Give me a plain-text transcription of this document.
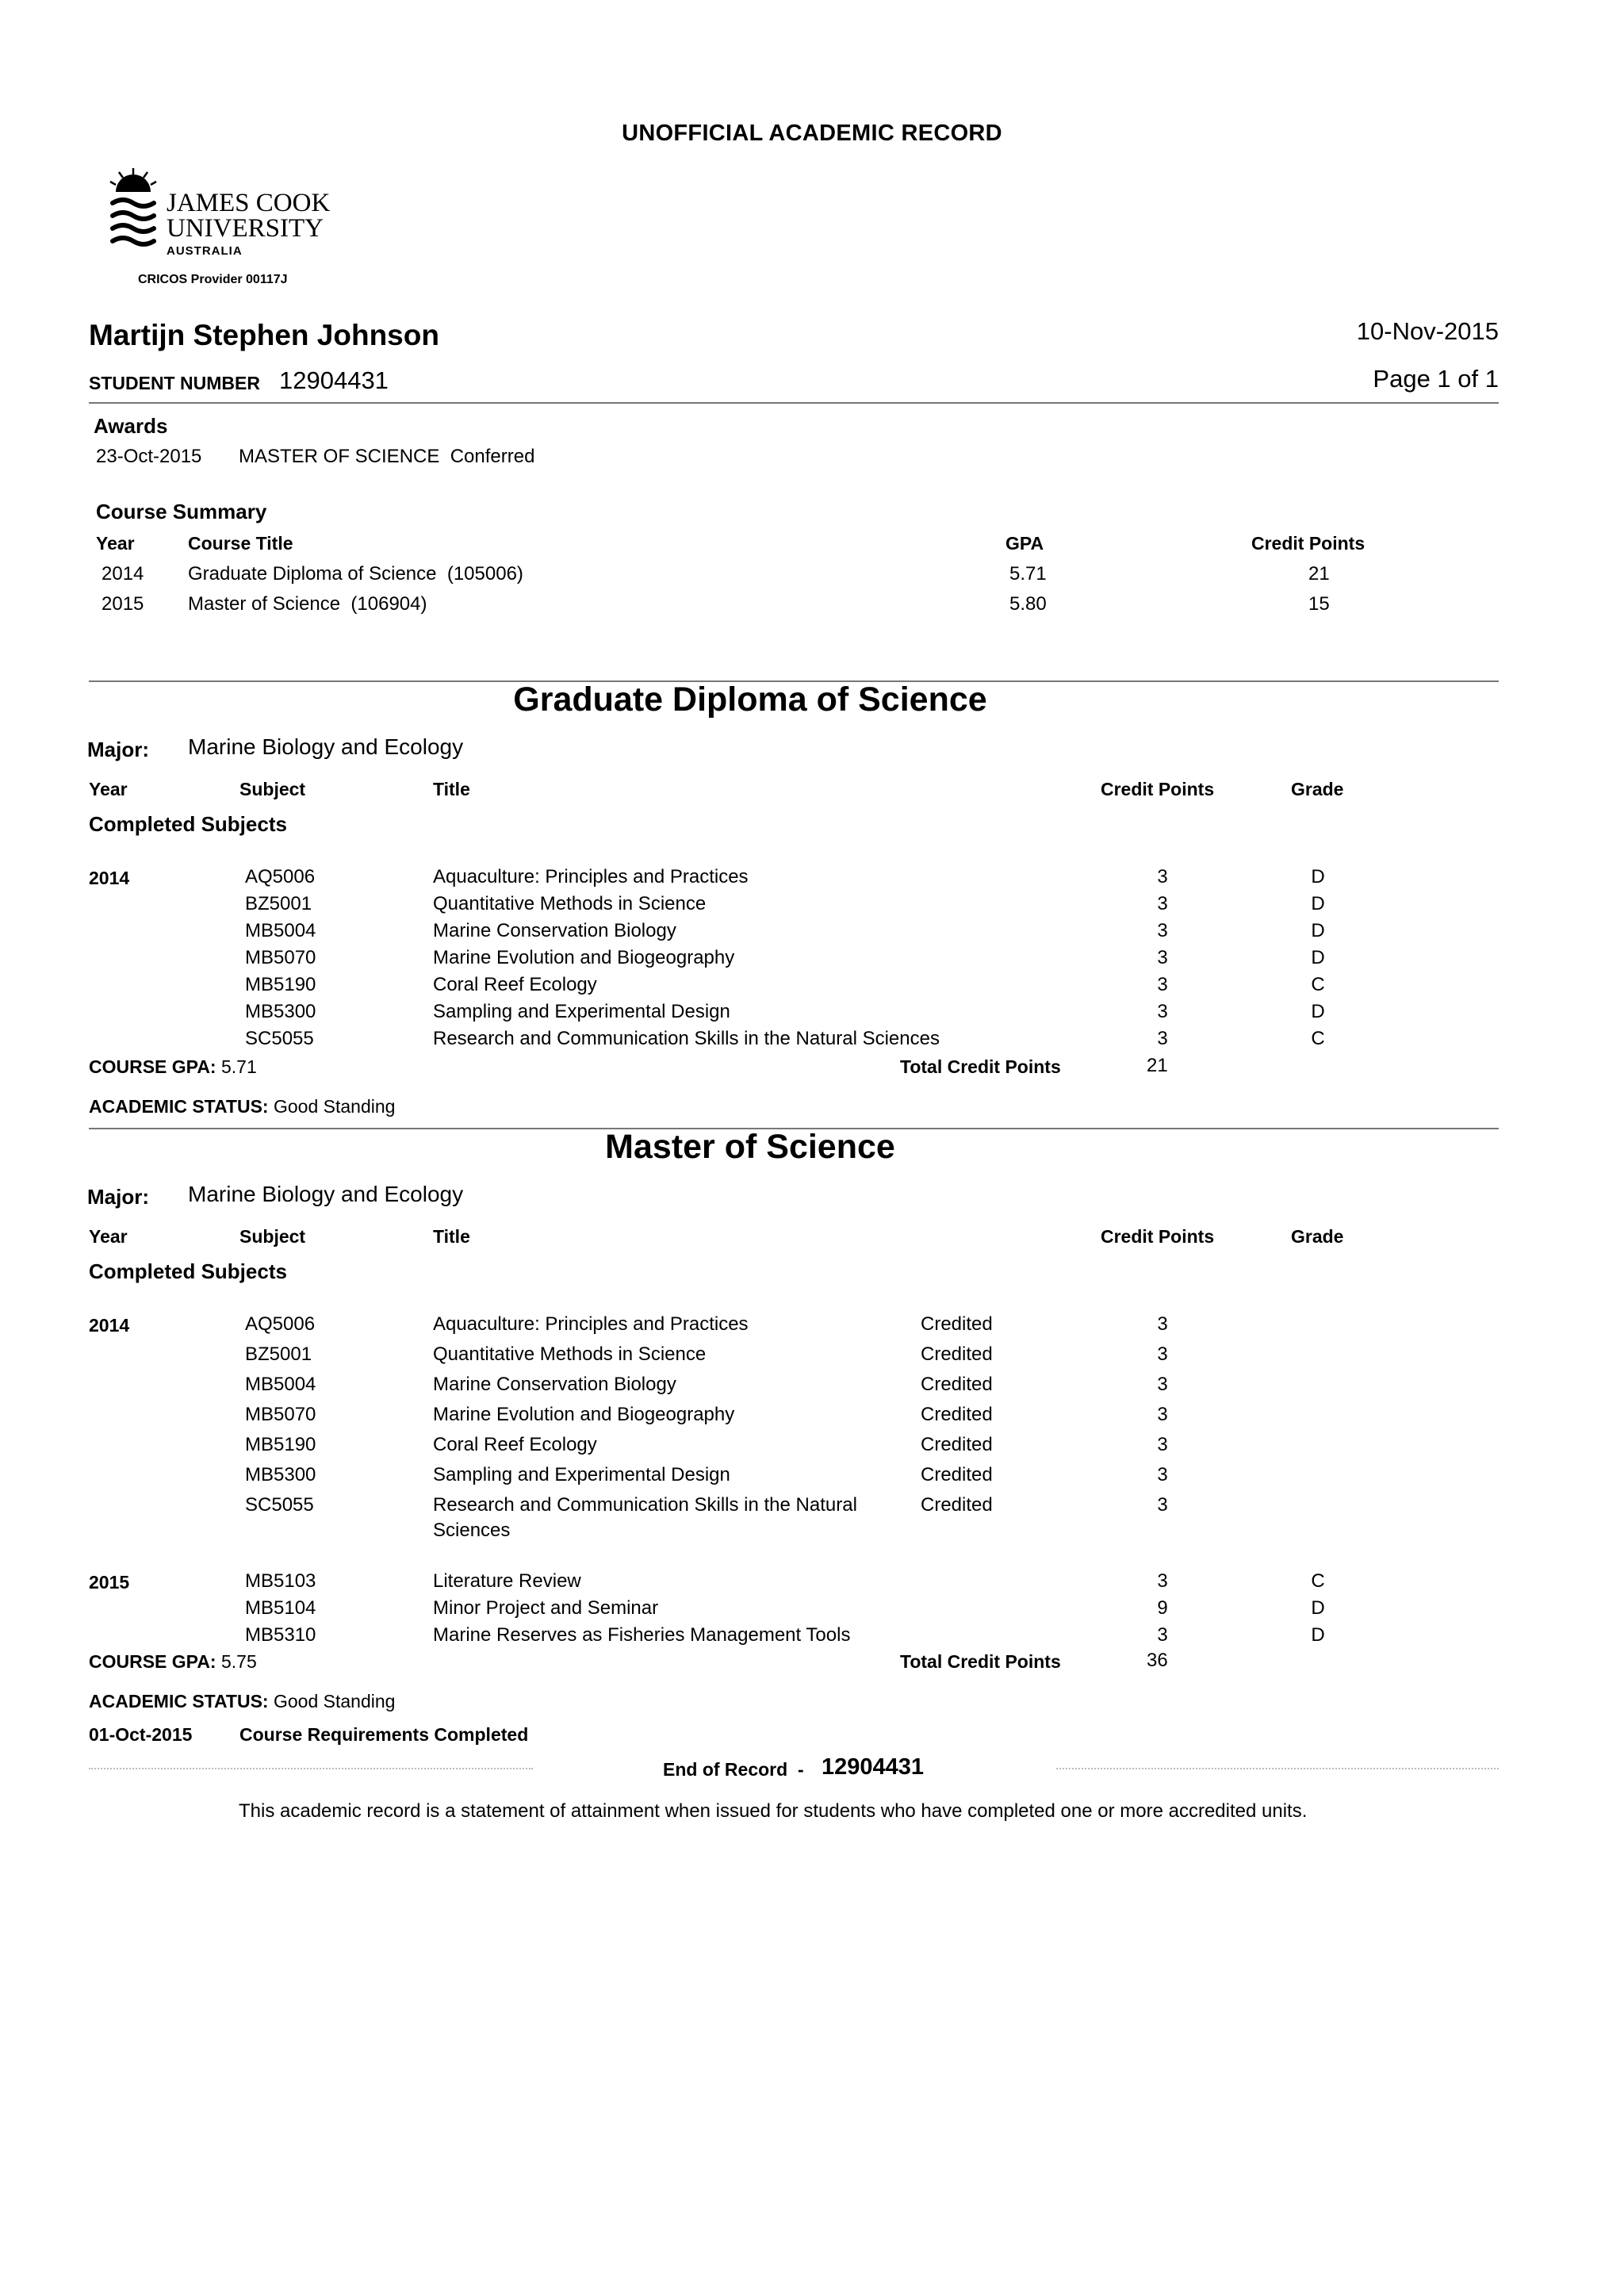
UNOFFICIAL ACADEMIC RECORD
JAMES COOK
UNIVERSITY
AUSTRALIA
CRICOS Provider 00117J
Martijn Stephen Johnson	10-Nov-2015
STUDENT NUMBER 12904431	Page 1 of 1
Awards
23-Oct-2015 MASTER OF SCIENCE  Conferred
Course Summary
Year	Course Title	GPA	Credit Points
2014 Graduate Diploma of Science  (105006)	5.71	21
2015 Master of Science  (106904)	5.80	15
Graduate Diploma of Science
Major: Marine Biology and Ecology
Year	Subject	Title	Credit Points	Grade
Completed Subjects
2014	AQ5006	Aquaculture: Principles and Practices	3	D
BZ5001	Quantitative Methods in Science	3	D
MB5004	Marine Conservation Biology	3	D
MB5070	Marine Evolution and Biogeography	3	D
MB5190	Coral Reef Ecology	3	C
MB5300	Sampling and Experimental Design	3	D
SC5055	Research and Communication Skills in the Natural Sciences	3	C
COURSE GPA: 5.71	Total Credit Points	21
ACADEMIC STATUS: Good Standing
Master of Science
Major: Marine Biology and Ecology
Year	Subject	Title	Credit Points	Grade
Completed Subjects
2014	AQ5006	Aquaculture: Principles and Practices	Credited	3
BZ5001	Quantitative Methods in Science	Credited	3
MB5004	Marine Conservation Biology	Credited	3
MB5070	Marine Evolution and Biogeography	Credited	3
MB5190	Coral Reef Ecology	Credited	3
MB5300	Sampling and Experimental Design	Credited	3
SC5055	Research and Communication Skills in the Natural
Sciences
Credited	3
2015	MB5103	Literature Review	3	C
MB5104	Minor Project and Seminar	9	D
MB5310	Marine Reserves as Fisheries Management Tools	3	D
COURSE GPA: 5.75	Total Credit Points	36
ACADEMIC STATUS: Good Standing
01-Oct-2015	Course Requirements Completed
End of Record  - 12904431
This academic record is a statement of attainment when issued for students who have completed one or more accredited units.
